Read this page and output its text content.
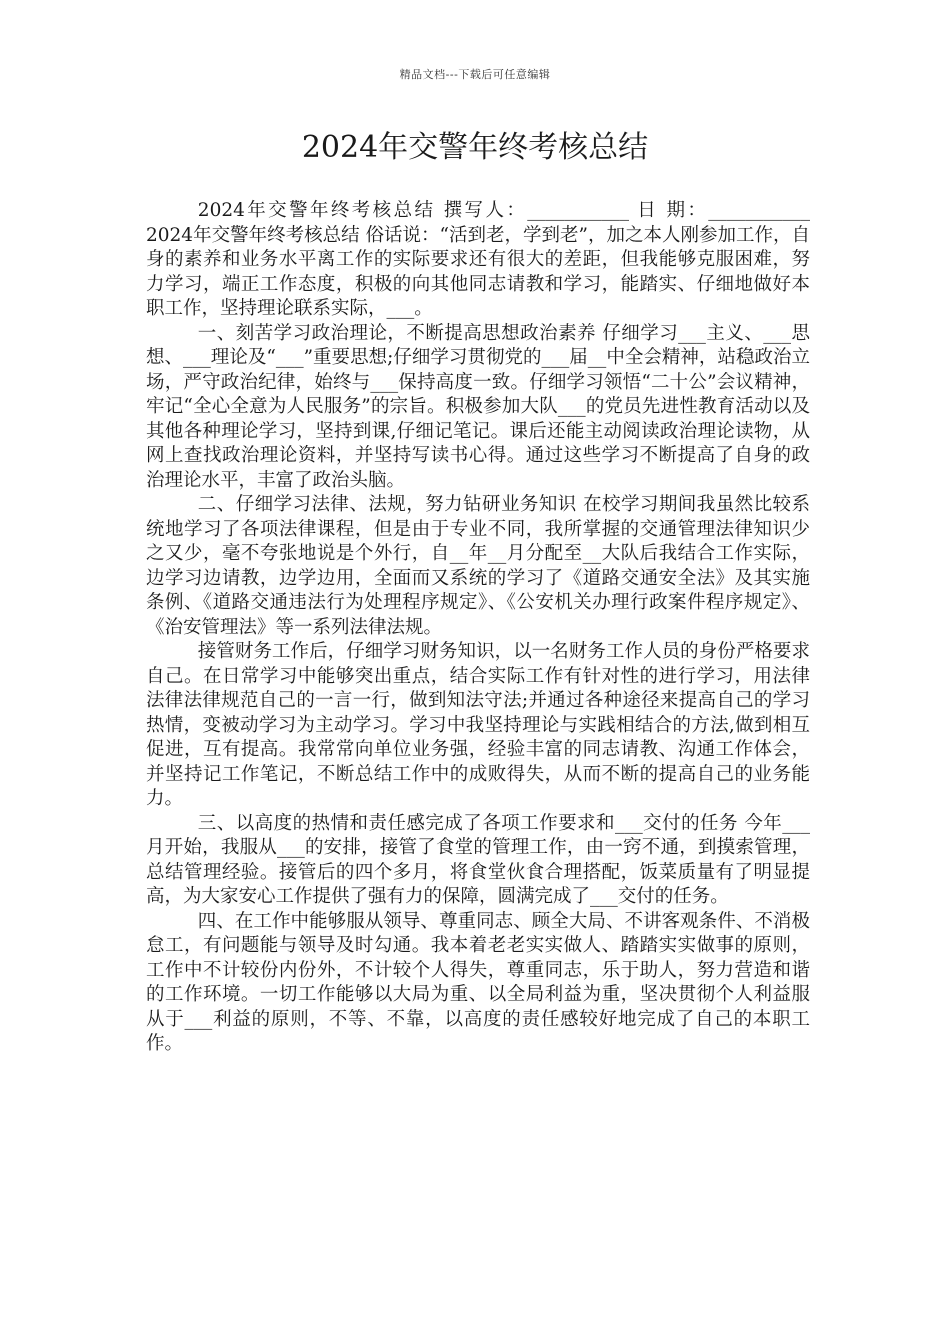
精品文档---下载后可任意编辑
2024年交警年终考核总结

2024年交警年终考核总结 撰写人：___________ 日 期：___________ 2024年交警年终考核总结 俗话说：“活到老，学到老”，加之本人刚参加工作，自身的素养和业务水平离工作的实际要求还有很大的差距，但我能够克服困难，努力学习，端正工作态度，积极的向其他同志请教和学习，能踏实、仔细地做好本职工作，坚持理论联系实际，___。

一、刻苦学习政治理论，不断提高思想政治素养 仔细学习___主义、___思想、___理论及“___”重要思想;仔细学习贯彻党的___届__中全会精神，站稳政治立场，严守政治纪律，始终与___保持高度一致。仔细学习领悟“二十公”会议精神，牢记“全心全意为人民服务”的宗旨。积极参加大队___的党员先进性教育活动以及其他各种理论学习，坚持到课,仔细记笔记。课后还能主动阅读政治理论读物，从网上查找政治理论资料，并坚持写读书心得。通过这些学习不断提高了自身的政治理论水平，丰富了政治头脑。

二、仔细学习法律、法规，努力钻研业务知识 在校学习期间我虽然比较系统地学习了各项法律课程，但是由于专业不同，我所掌握的交通管理法律知识少之又少，毫不夸张地说是个外行，自__年__月分配至__大队后我结合工作实际，边学习边请教，边学边用，全面而又系统的学习了《道路交通安全法》及其实施条例、《道路交通违法行为处理程序规定》、《公安机关办理行政案件程序规定》、《治安管理法》等一系列法律法规。

接管财务工作后，仔细学习财务知识，以一名财务工作人员的身份严格要求自己。在日常学习中能够突出重点，结合实际工作有针对性的进行学习，用法律法律法律规范自己的一言一行，做到知法守法;并通过各种途径来提高自己的学习热情，变被动学习为主动学习。学习中我坚持理论与实践相结合的方法,做到相互促进，互有提高。我常常向单位业务强，经验丰富的同志请教、沟通工作体会，并坚持记工作笔记，不断总结工作中的成败得失，从而不断的提高自己的业务能力。

三、以高度的热情和责任感完成了各项工作要求和___交付的任务 今年___月开始，我服从___的安排，接管了食堂的管理工作，由一窍不通，到摸索管理，总结管理经验。接管后的四个多月，将食堂伙食合理搭配，饭菜质量有了明显提高，为大家安心工作提供了强有力的保障，圆满完成了___交付的任务。

四、在工作中能够服从领导、尊重同志、顾全大局、不讲客观条件、不消极怠工，有问题能与领导及时勾通。我本着老老实实做人、踏踏实实做事的原则，工作中不计较份内份外，不计较个人得失，尊重同志，乐于助人，努力营造和谐的工作环境。一切工作能够以大局为重、以全局利益为重，坚决贯彻个人利益服从于___利益的原则，不等、不靠，以高度的责任感较好地完成了自己的本职工作。
